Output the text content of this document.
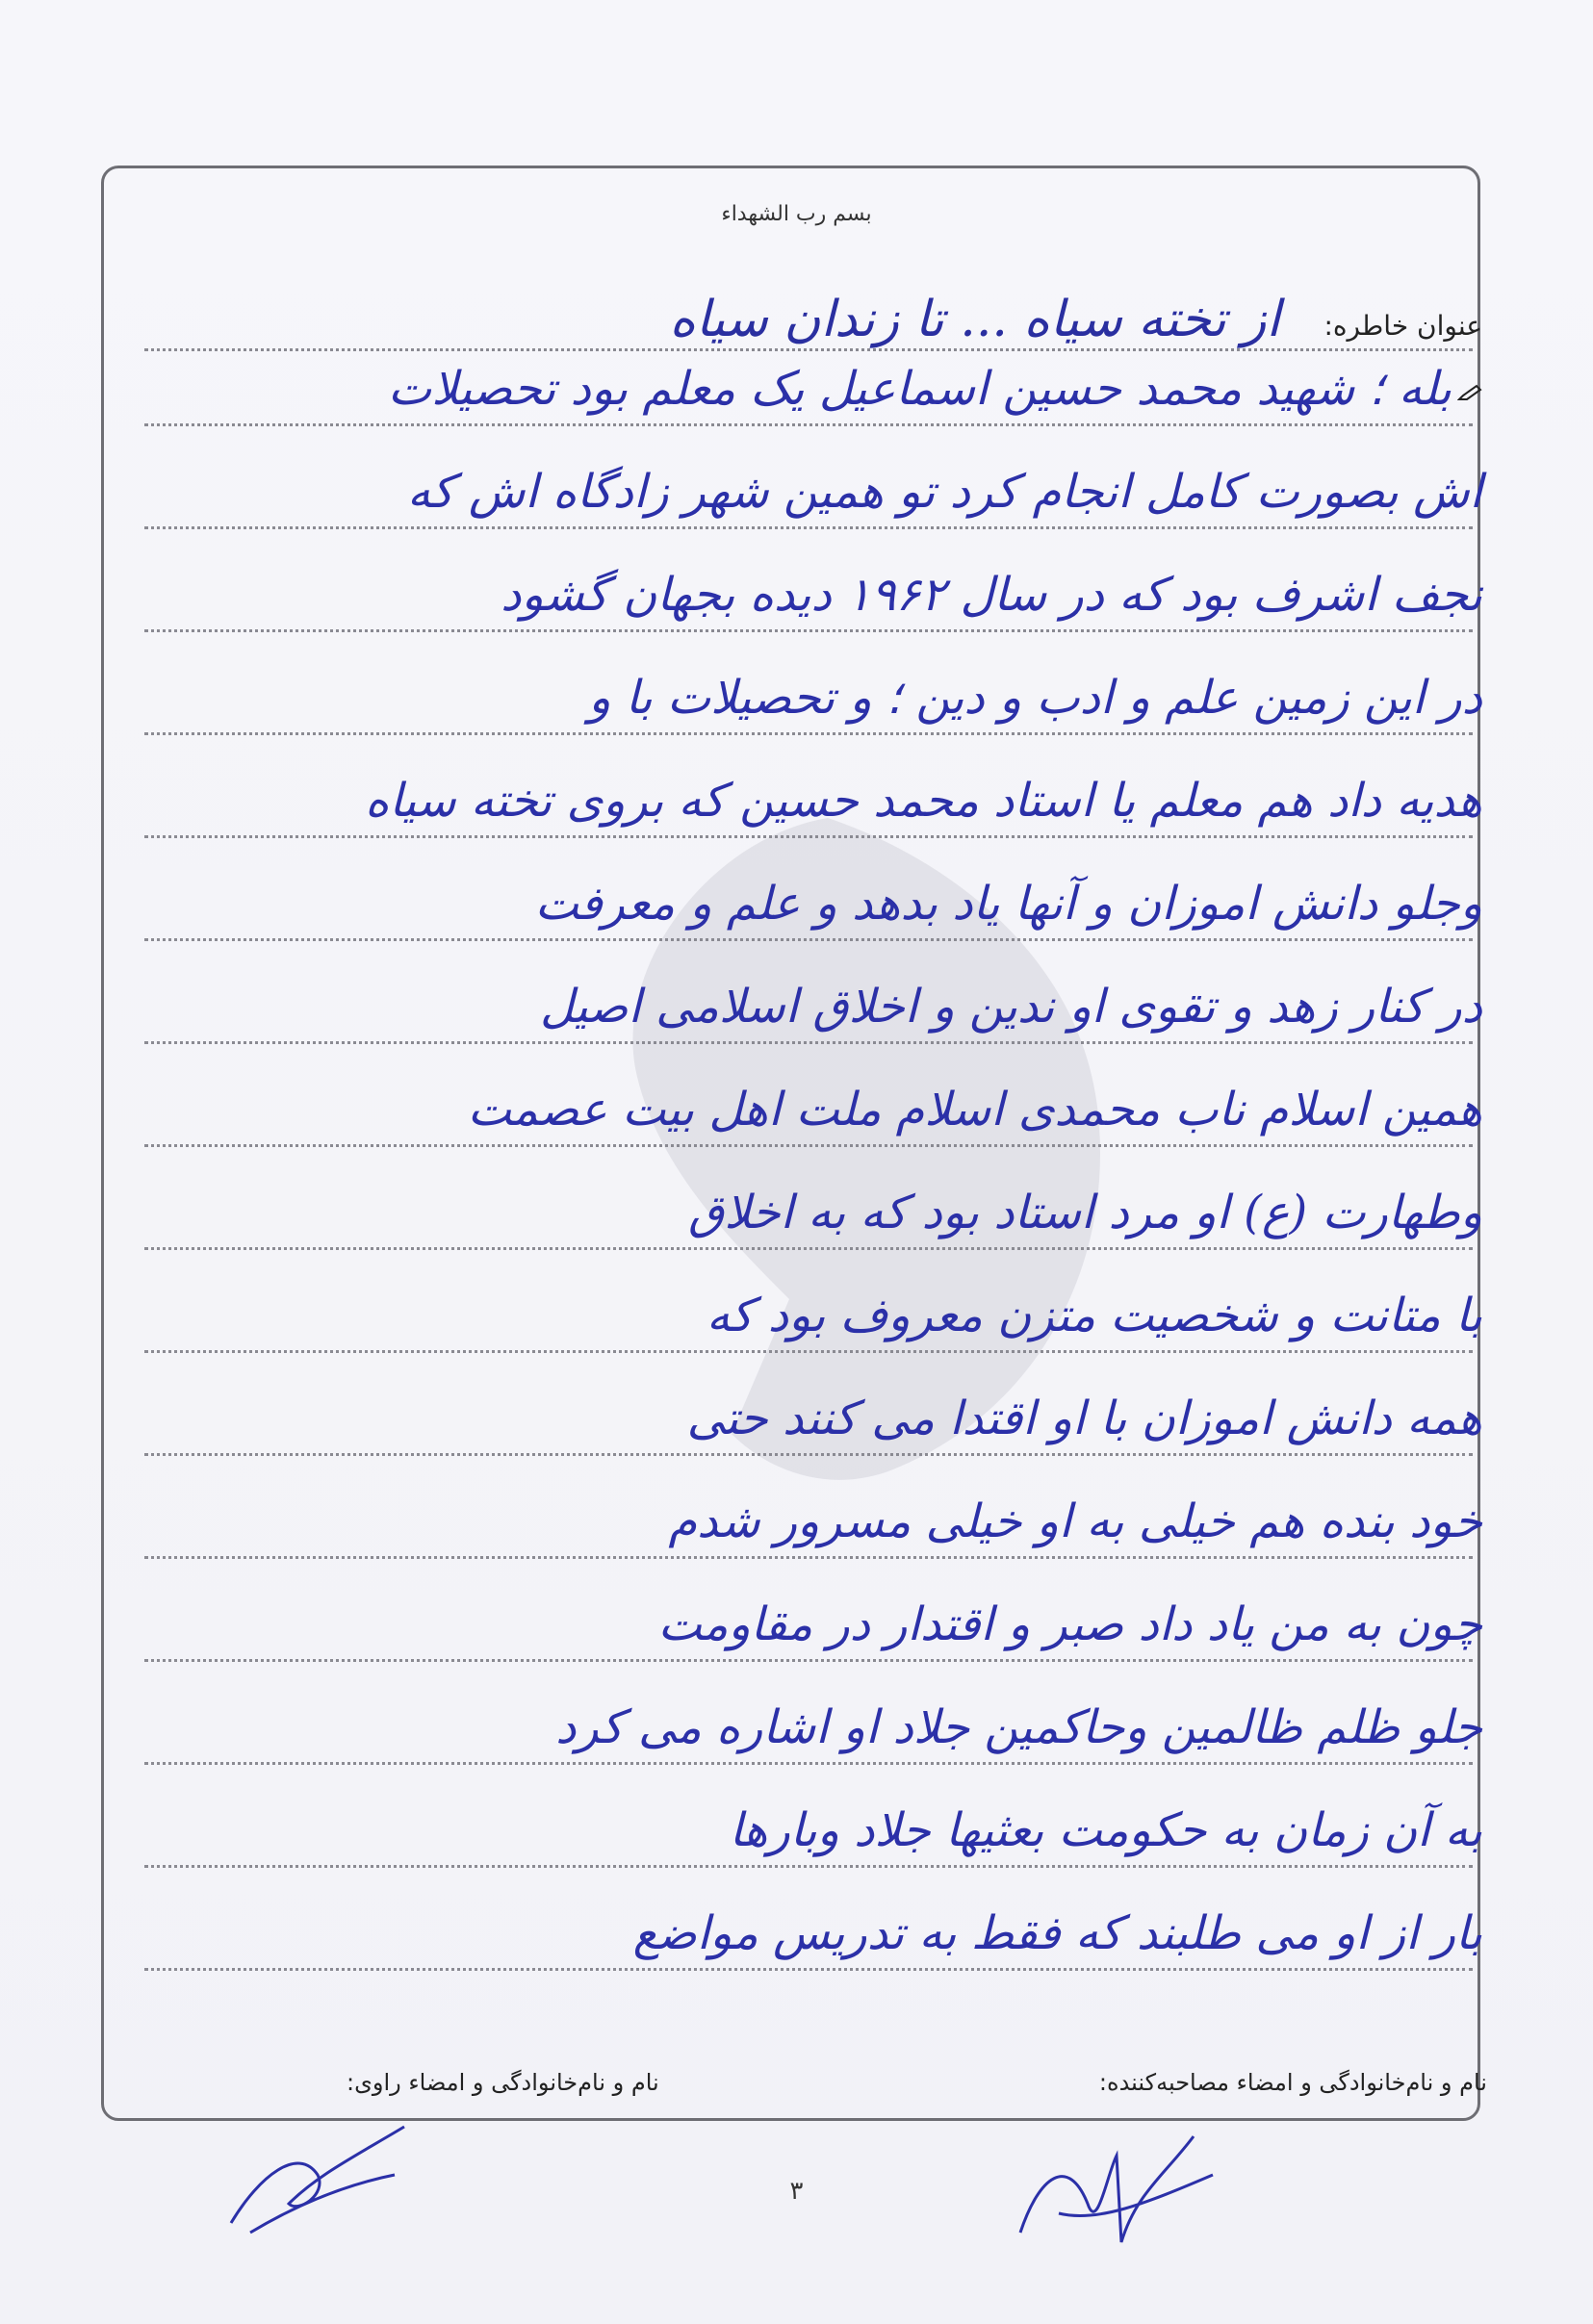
بسم رب الشهداء
عنوان خاطره:
از تخته سیاه ... تا زندان سیاه
بله ؛ شهید محمد حسین اسماعیل یک معلم بود تحصیلات
اش بصورت کامل انجام کرد تو همین شهر زادگاه اش که
نجف اشرف بود که در سال ۱۹۶۲ دیده بجهان گشود
در این زمین علم و ادب و دین ؛ و تحصیلات با و
هدیه داد هم معلم یا استاد محمد حسین که بروی تخته سیاه
وجلو دانش اموزان و آنها یاد بدهد و علم و معرفت
در کنار زهد و تقوی او ندین و اخلاق اسلامی اصیل
همین اسلام ناب محمدی اسلام ملت اهل بیت عصمت
وطهارت (ع) او مرد استاد بود که به اخلاق
با متانت و شخصیت متزن معروف بود که
همه دانش اموزان با او اقتدا می کنند حتی
خود بنده هم خیلی به او خیلی مسرور شدم
چون به من یاد داد صبر و اقتدار در مقاومت
جلو ظلم ظالمین وحاکمین جلاد او اشاره می کرد
به آن زمان به حکومت بعثیها جلاد وبارها
بار از او می طلبند که فقط به تدریس مواضع
نام و نام‌خانوادگی و امضاء مصاحبه‌کننده:
نام و نام‌خانوادگی و امضاء راوی:
۳
